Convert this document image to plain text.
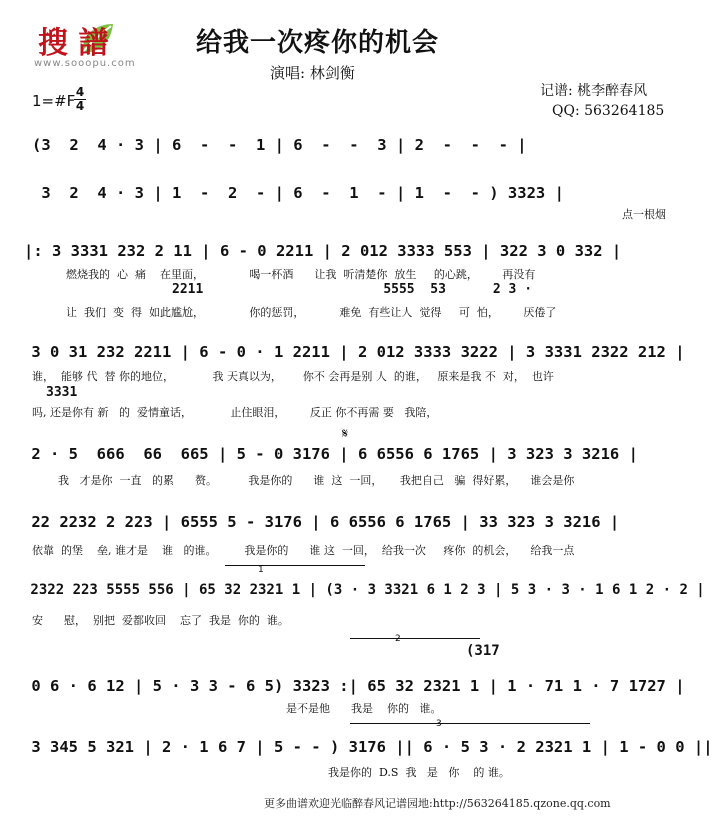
搜 譜
www.sooopu.com
给我一次疼你的机会
演唱: 林剑衡
1=#F 4
4
记谱: 桃李醉春风
QQ: 563264185
(3  2  4 · 3 | 6  -  -  1 | 6  -  -  3 | 2  -  -  - |
3  2  4 · 3 | 1  -  2  - | 6  -  1  - | 1  -  - ) 3323 |
点一根烟
|: 3 3331 232 2 11 | 6 - 0 2211 | 2 012 3333 553 | 322 3 0 332 |
燃烧我的  心  痛    在里面，             喝一杯酒      让我  听清楚你  放生     的心跳，       再没有
2211                       5555  53      2 3 ·
让  我们  变  得  如此尴尬，             你的惩罚，          难免  有些让人  觉得     可  怕，       厌倦了
3 0 31 232 2211 | 6 - 0 · 1 2211 | 2 012 3333 3222 | 3 3331 2322 212 |
谁，  能够 代  替 你的地位，           我 天真以为，      你不 会再是别 人  的谁，   原来是我 不  对，  也许
3331
吗, 还是你有 新   的  爱情童话，           止住眼泪，       反正 你不再需 要   我陪，
𝄋
2 · 5  666  66  665 | 5 - 0 3176 | 6 6556 6 1765 | 3 323 3 3216 |
我   才是你  一直   的累      赘。         我是你的      谁  这  一回，     我把自己   骗  得好累，    谁会是你
22 2232 2 223 | 6555 5 - 3176 | 6 6556 6 1765 | 33 323 3 3216 |
依靠  的堡    垒, 谁才是    谁   的谁。        我是你的      谁 这  一回，  给我一次     疼你  的机会，    给我一点
1
2322 223 5555 556 | 65 32 2321 1 | (3 · 3 3321 6 1 2 3 | 5 3 · 3 · 1 6 1 2 · 2 |
安      慰，  别把  爱都收回    忘了  我是  你的  谁。
2
(317
0 6 · 6 12 | 5 · 3 3 - 6 5) 3323 :| 65 32 2321 1 | 1 · 71 1 · 7 1727 |
是不是他      我是    你的   谁。
3
3 345 5 321 | 2 · 1 6 7 | 5 - - ) 3176 || 6 · 5 3 · 2 2321 1 | 1 - 0 0 ||
我是你的  D.S  我   是   你    的 谁。
更多曲谱欢迎光临醉春风记谱园地:http://563264185.qzone.qq.com
